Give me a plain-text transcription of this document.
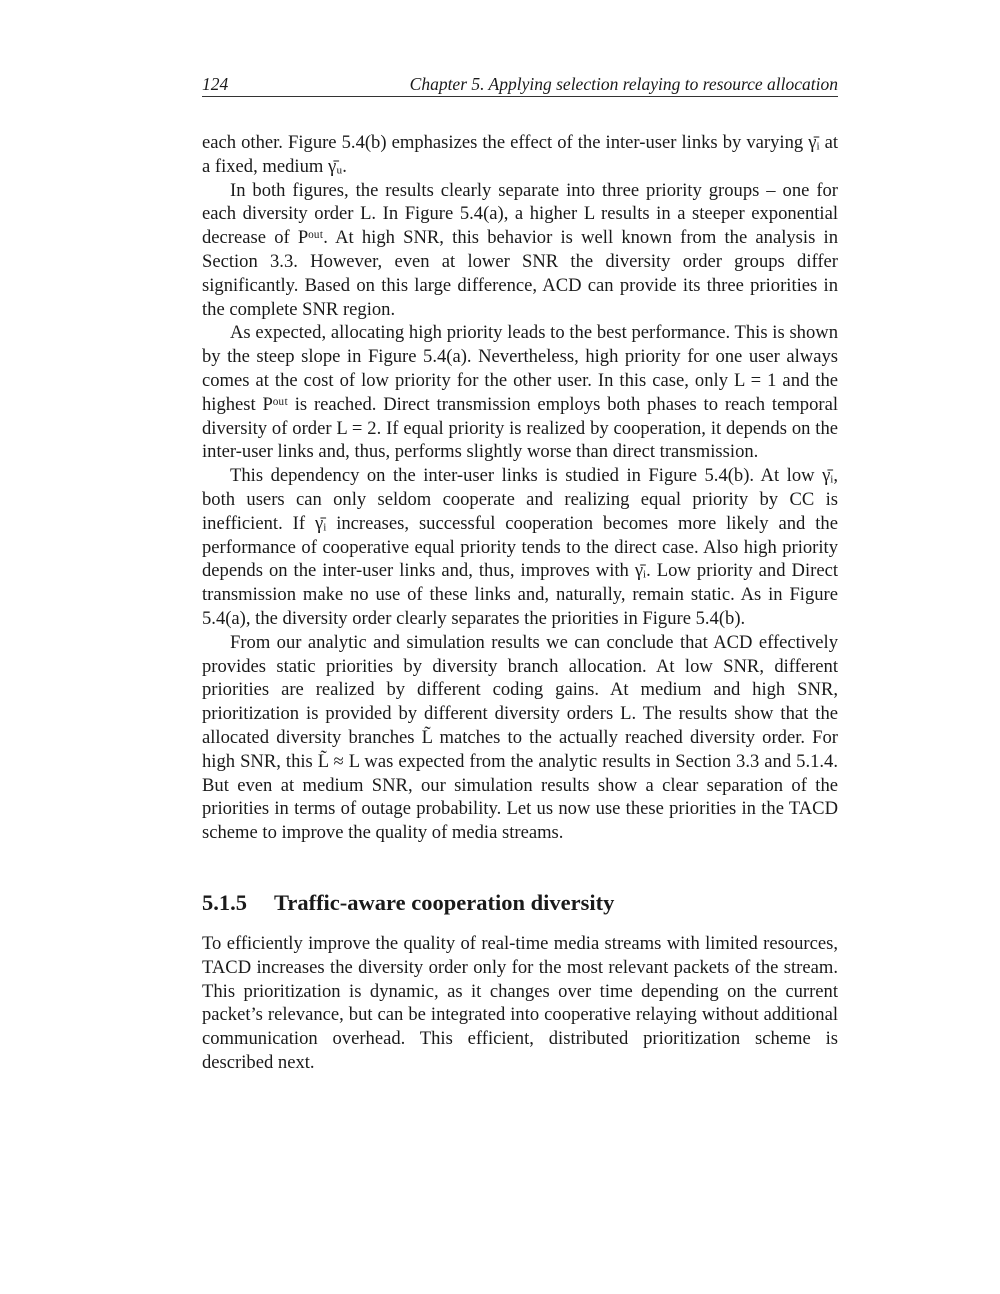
124	Chapter 5. Applying selection relaying to resource allocation

each other. Figure 5.4(b) emphasizes the effect of the inter-user links by varying γ̄ᵢ at a fixed, medium γ̄ᵤ.

In both figures, the results clearly separate into three priority groups – one for each diversity order L. In Figure 5.4(a), a higher L results in a steeper exponential decrease of Pᵒᵘᵗ. At high SNR, this behavior is well known from the analysis in Section 3.3. However, even at lower SNR the diversity order groups differ significantly. Based on this large difference, ACD can provide its three priorities in the complete SNR region.

As expected, allocating high priority leads to the best performance. This is shown by the steep slope in Figure 5.4(a). Nevertheless, high priority for one user always comes at the cost of low priority for the other user. In this case, only L = 1 and the highest Pᵒᵘᵗ is reached. Direct transmission employs both phases to reach temporal diversity of order L = 2. If equal priority is realized by cooperation, it depends on the inter-user links and, thus, performs slightly worse than direct transmission.

This dependency on the inter-user links is studied in Figure 5.4(b). At low γ̄ᵢ, both users can only seldom cooperate and realizing equal priority by CC is inefficient. If γ̄ᵢ increases, successful cooperation becomes more likely and the performance of cooperative equal priority tends to the direct case. Also high priority depends on the inter-user links and, thus, improves with γ̄ᵢ. Low priority and Direct transmission make no use of these links and, naturally, remain static. As in Figure 5.4(a), the diversity order clearly separates the priorities in Figure 5.4(b).

From our analytic and simulation results we can conclude that ACD effectively provides static priorities by diversity branch allocation. At low SNR, different priorities are realized by different coding gains. At medium and high SNR, prioritization is provided by different diversity orders L. The results show that the allocated diversity branches L̃ matches to the actually reached diversity order. For high SNR, this L̃ ≈ L was expected from the analytic results in Section 3.3 and 5.1.4. But even at medium SNR, our simulation results show a clear separation of the priorities in terms of outage probability. Let us now use these priorities in the TACD scheme to improve the quality of media streams.

5.1.5	Traffic-aware cooperation diversity

To efficiently improve the quality of real-time media streams with limited resources, TACD increases the diversity order only for the most relevant packets of the stream. This prioritization is dynamic, as it changes over time depending on the current packet’s relevance, but can be integrated into cooperative relaying without additional communication overhead. This efficient, distributed prioritization scheme is described next.
